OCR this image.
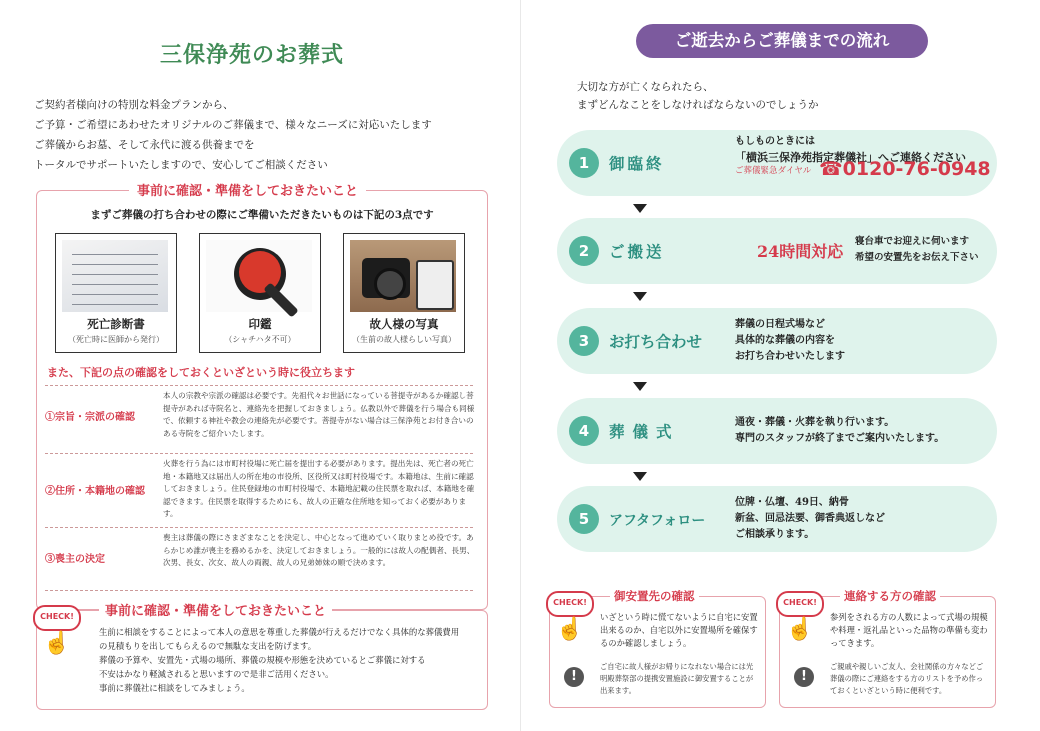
三保浄苑のお葬式
ご契約者様向けの特別な料金プランから、
ご予算・ご希望にあわせたオリジナルのご葬儀まで、様々なニーズに対応いたします
ご葬儀からお墓、そして永代に渡る供養までを
トータルでサポートいたしますので、安心してご相談ください
事前に確認・準備をしておきたいこと
まずご葬儀の打ち合わせの際にご準備いただきたいものは下記の3点です
死亡診断書
（死亡時に医師から発行）
印鑑
（シャチハタ不可）
故人様の写真
（生前の故人様らしい写真）
また、下記の点の確認をしておくといざという時に役立ちます
①宗旨・宗派の確認
本人の宗教や宗派の確認は必要です。先祖代々お世話になっている菩提寺があるか確認し菩提寺があれば寺院名と、連絡先を把握しておきましょう。仏教以外で葬儀を行う場合も同様で、依頼する神社や教会の連絡先が必要です。菩提寺がない場合は三保浄苑とお付き合いのある寺院をご紹介いたします。
②住所・本籍地の確認
火葬を行う為には市町村役場に死亡届を提出する必要があります。提出先は、死亡者の死亡地・本籍地又は届出人の所在地の市役所、区役所又は町村役場です。本籍地は、生前に確認しておきましょう。住民登録地の市町村役場で、本籍地記載の住民票を取れば、本籍地を確認できます。住民票を取得するためにも、故人の正確な住所地を知っておく必要があります。
③喪主の決定
喪主は葬儀の際にさまざまなことを決定し、中心となって進めていく取りまとめ役です。あらかじめ誰が喪主を務めるかを、決定しておきましょう。一般的には故人の配偶者、長男、次男、長女、次女、故人の両親、故人の兄弟姉妹の順で決めます。
CHECK!
☝
事前に確認・準備をしておきたいこと
生前に相談をすることによって本人の意思を尊重した葬儀が行えるだけでなく具体的な葬儀費用
の見積もりを出してもらえるので無駄な支出を防げます。
葬儀の予算や、安置先・式場の場所、葬儀の規模や形態を決めているとご葬儀に対する
不安はかなり軽減されると思いますので是非ご活用ください。
事前に葬儀社に相談をしてみましょう。
ご逝去からご葬儀までの流れ
大切な方が亡くなられたら、
まずどんなことをしなければならないのでしょうか
1	御臨終
もしものときには
「横浜三保浄苑指定葬儀社」へご連絡ください
ご葬儀緊急ダイヤル ☎0120-76-0948
2	ご搬送	24時間対応
寝台車でお迎えに伺います
希望の安置先をお伝え下さい
3	お打ち合わせ
葬儀の日程式場など
具体的な葬儀の内容を
お打ち合わせいたします
4	葬儀式	通夜・葬儀・火葬を執り行います。
専門のスタッフが終了までご案内いたします。
5	アフタフォロー
位牌・仏壇、49日、納骨
新盆、回忌法要、御香典返しなど
ご相談承ります。
CHECK!
☝
御安置先の確認
いざという時に慌てないように自宅に安置出来るのか、自宅以外に安置場所を確保するのか確認しましょう。
!
ご自宅に故人様がお帰りになれない場合には光明殿葬祭部の提携安置施設に御安置することが出来ます。
CHECK!
☝
連絡する方の確認
参列をされる方の人数によって式場の規模や料理・返礼品といった品物の準備も変わってきます。
!
ご親戚や親しいご友人、会社関係の方々などご葬儀の際にご連絡をする方のリストを予め作っておくといざという時に便利です。
